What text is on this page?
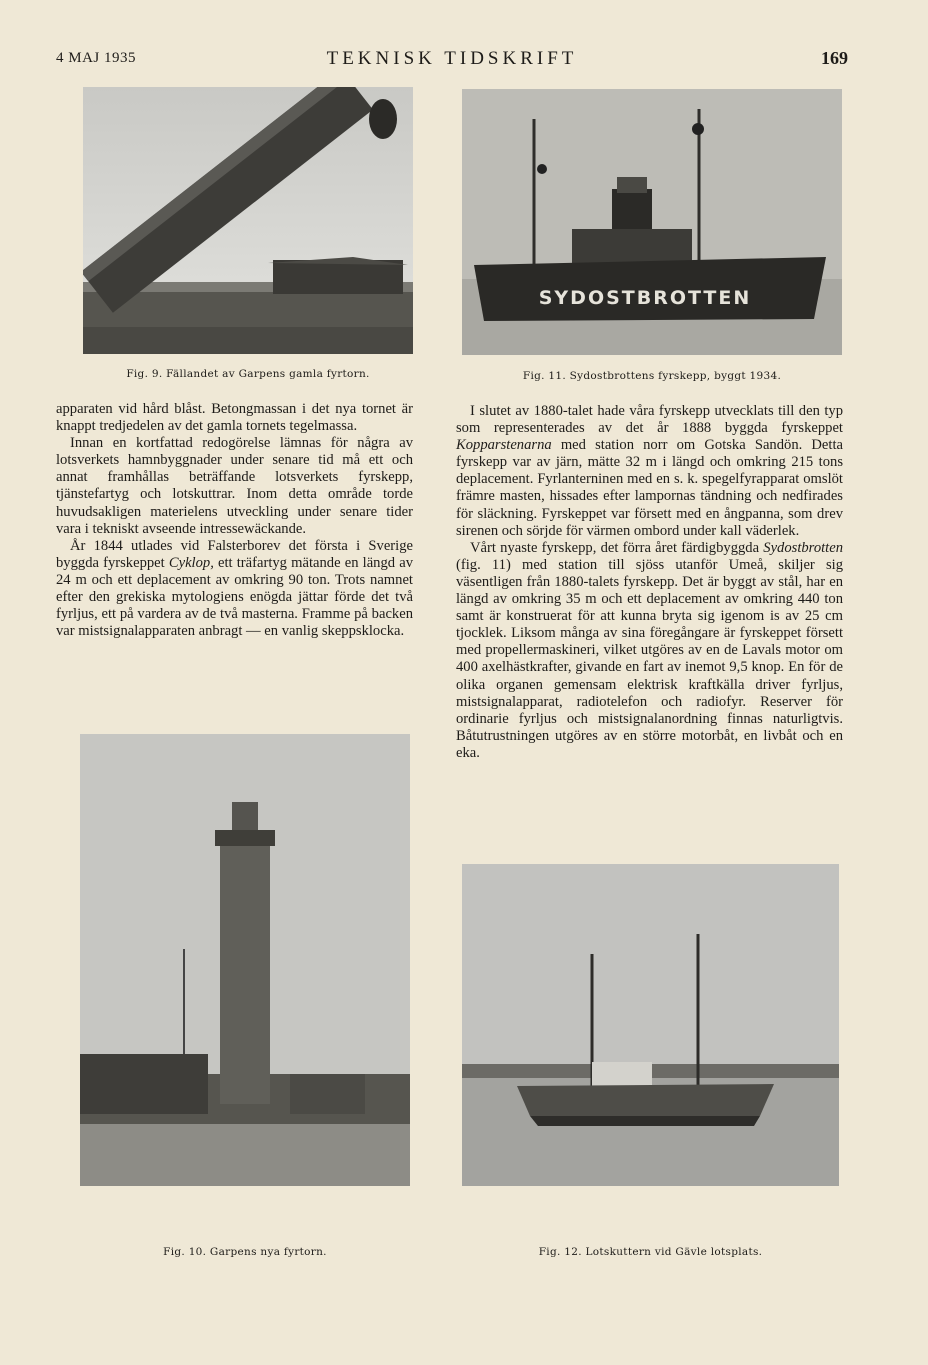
4 MAJ 1935	TEKNISK TIDSKRIFT	169
Fig. 9. Fällandet av Garpens gamla fyrtorn.
SYDOSTBROTTEN
Fig. 11. Sydostbrottens fyrskepp, byggt 1934.

apparaten vid hård blåst. Betongmassan i det nya tornet är knappt tredjedelen av det gamla tornets tegelmassa.

Innan en kortfattad redogörelse lämnas för några av lotsverkets hamnbyggnader under senare tid må ett och annat framhållas beträffande lotsverkets fyrskepp, tjänstefartyg och lotskuttrar. Inom detta område torde huvudsakligen materielens utveckling under senare tider vara i tekniskt avseende intressewäckande.

År 1844 utlades vid Falsterborev det första i Sverige byggda fyrskeppet Cyklop, ett träfartyg mätande en längd av 24 m och ett deplacement av omkring 90 ton. Trots namnet efter den grekiska mytologiens enögda jättar förde det två fyrljus, ett på vardera av de två masterna. Framme på backen var mistsignalapparaten anbragt — en vanlig skeppsklocka.

I slutet av 1880-talet hade våra fyrskepp utvecklats till den typ som representerades av det år 1888 byggda fyrskeppet Kopparstenarna med station norr om Gotska Sandön. Detta fyrskepp var av järn, mätte 32 m i längd och omkring 215 tons deplacement. Fyrlanterninen med en s. k. spegelfyrapparat omslöt främre masten, hissades efter lampornas tändning och nedfirades för släckning. Fyrskeppet var försett med en ångpanna, som drev sirenen och sörjde för värmen ombord under kall väderlek.

Vårt nyaste fyrskepp, det förra året färdigbyggda Sydostbrotten (fig. 11) med station till sjöss utanför Umeå, skiljer sig väsentligen från 1880-talets fyrskepp. Det är byggt av stål, har en längd av omkring 35 m och ett deplacement av omkring 440 ton samt är konstruerat för att kunna bryta sig igenom is av 25 cm tjocklek. Liksom många av sina föregångare är fyrskeppet försett med propellermaskineri, vilket utgöres av en de Lavals motor om 400 axelhästkrafter, givande en fart av inemot 9,5 knop. En för de olika organen gemensam elektrisk kraftkälla driver fyrljus, mistsignalapparat, radiotelefon och radiofyr. Reserver för ordinarie fyrljus och mistsignalanordning finnas naturligtvis. Båtutrustningen utgöres av en större motorbåt, en livbåt och en eka.

Fig. 10. Garpens nya fyrtorn.	Fig. 12. Lotskuttern vid Gävle lotsplats.
